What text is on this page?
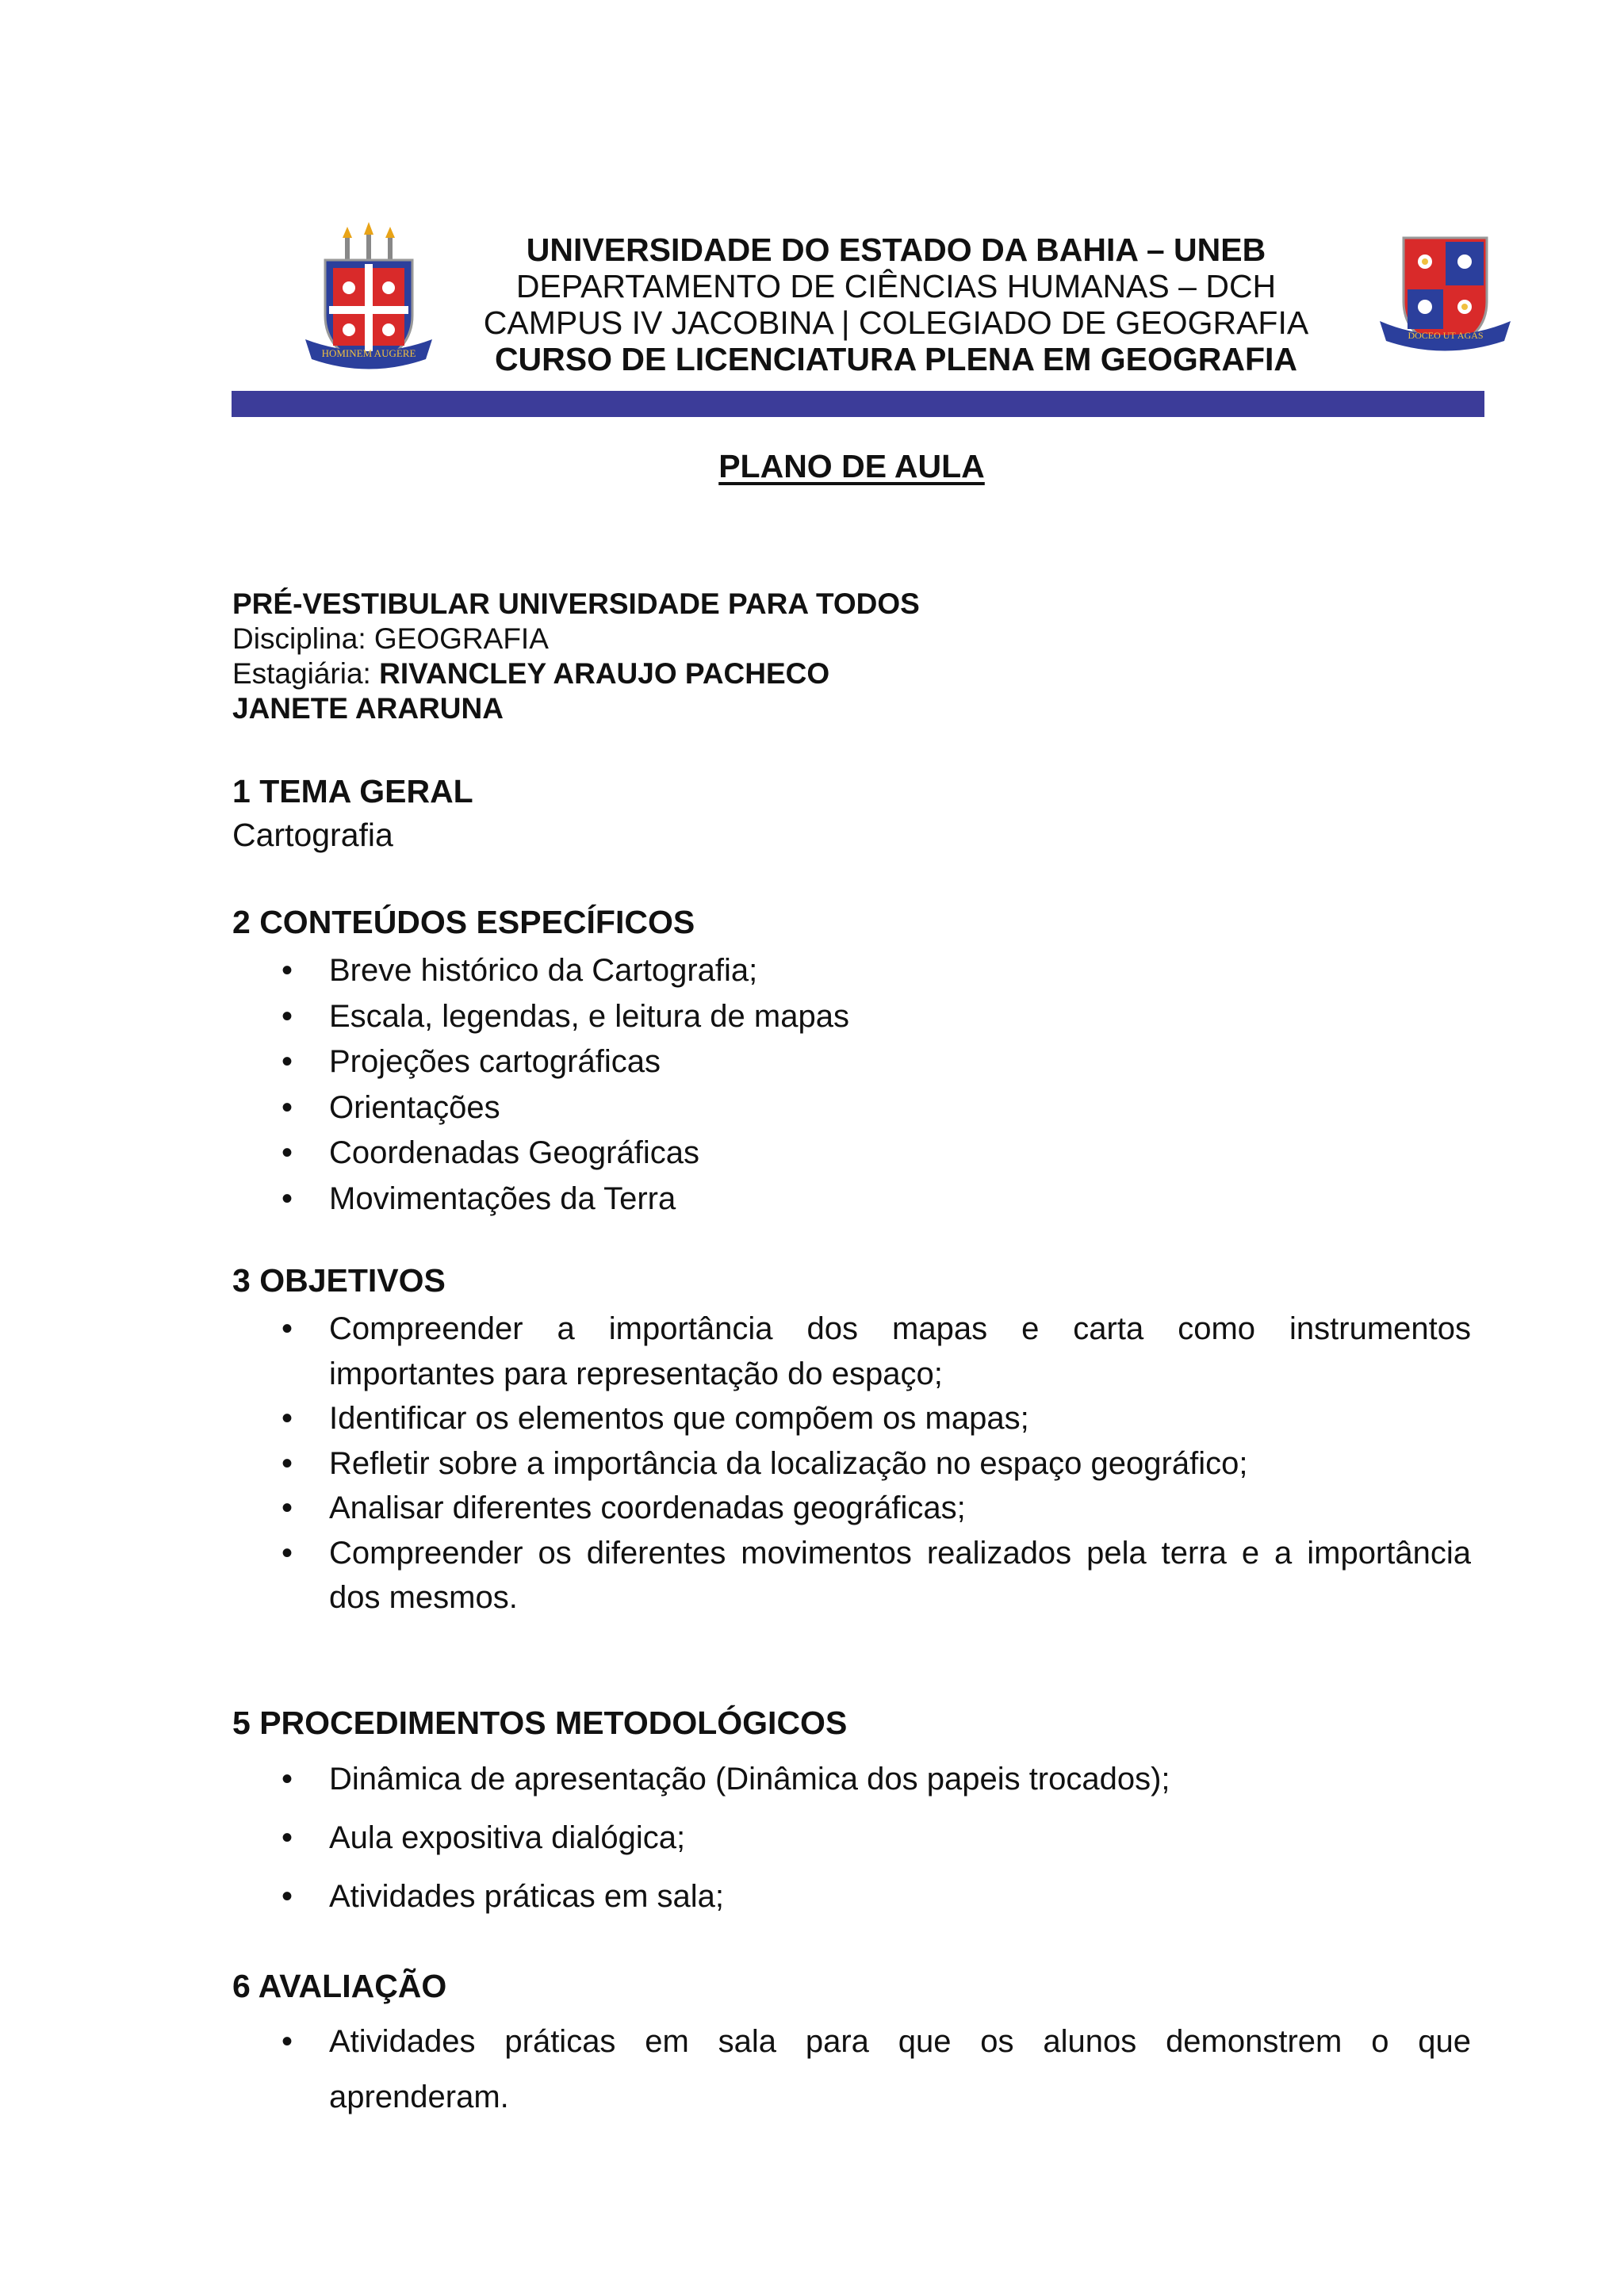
HOMINEM AUGERE
UNIVERSIDADE DO ESTADO DA BAHIA – UNEB
DEPARTAMENTO DE CIÊNCIAS HUMANAS – DCH
CAMPUS IV JACOBINA | COLEGIADO DE GEOGRAFIA
CURSO DE LICENCIATURA PLENA EM GEOGRAFIA
DOCEO UT AGAS
PLANO DE AULA
PRÉ-VESTIBULAR UNIVERSIDADE PARA TODOS
Disciplina: GEOGRAFIA
Estagiária: RIVANCLEY ARAUJO PACHECO
JANETE ARARUNA
1 TEMA GERAL
Cartografia
2 CONTEÚDOS ESPECÍFICOS
• Breve histórico da Cartografia;
• Escala, legendas, e leitura de mapas
• Projeções cartográficas
• Orientações
• Coordenadas Geográficas
• Movimentações da Terra
3 OBJETIVOS
• Compreender a importância dos mapas e carta como instrumentos
importantes para representação do espaço;
• Identificar os elementos que compõem os mapas;
• Refletir sobre a importância da localização no espaço geográfico;
• Analisar diferentes coordenadas geográficas;
• Compreender os diferentes movimentos realizados pela terra e a importância
dos mesmos.
5 PROCEDIMENTOS METODOLÓGICOS
• Dinâmica de apresentação (Dinâmica dos papeis trocados);
• Aula expositiva dialógica;
• Atividades práticas em sala;
6 AVALIAÇÃO
• Atividades práticas em sala para que os alunos demonstrem o que
aprenderam.
